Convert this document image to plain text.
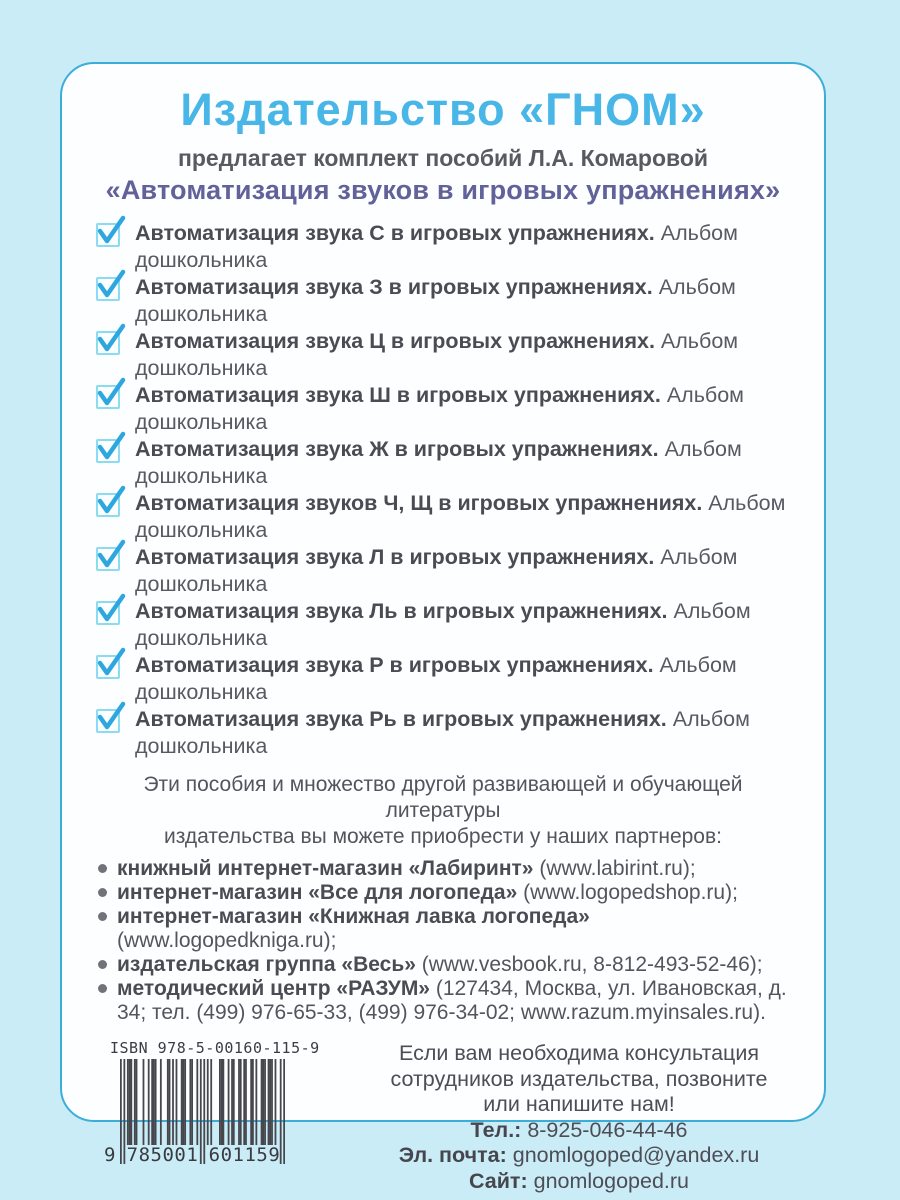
Издательство «ГНОМ»
предлагает комплект пособий Л.А. Комаровой
«Автоматизация звуков в игровых упражнениях»
Автоматизация звука С в игровых упражнениях. Альбом
дошкольника
Автоматизация звука З в игровых упражнениях. Альбом
дошкольника
Автоматизация звука Ц в игровых упражнениях. Альбом
дошкольника
Автоматизация звука Ш в игровых упражнениях. Альбом
дошкольника
Автоматизация звука Ж в игровых упражнениях. Альбом
дошкольника
Автоматизация звуков Ч, Щ в игровых упражнениях. Альбом
дошкольника
Автоматизация звука Л в игровых упражнениях. Альбом
дошкольника
Автоматизация звука Ль в игровых упражнениях. Альбом
дошкольника
Автоматизация звука Р в игровых упражнениях. Альбом
дошкольника
Автоматизация звука Рь в игровых упражнениях. Альбом
дошкольника
Эти пособия и множество другой развивающей и обучающей литературы
издательства вы можете приобрести у наших партнеров:
книжный интернет-магазин «Лабиринт» (www.labirint.ru);
интернет-магазин «Все для логопеда» (www.logopedshop.ru);
интернет-магазин «Книжная лавка логопеда» (www.logopedkniga.ru);
издательская группа «Весь» (www.vesbook.ru, 8-812-493-52-46);
методический центр «РАЗУМ» (127434, Москва, ул. Ивановская, д. 34; тел. (499) 976-65-33, (499) 976-34-02; www.razum.myinsales.ru).
ISBN 978-5-00160-115-9
9 785001 601159
Если вам необходима консультация
сотрудников издательства, позвоните
или напишите нам!
Тел.: 8-925-046-44-46
Эл. почта: gnomlogoped@yandex.ru
Сайт: gnomlogoped.ru
